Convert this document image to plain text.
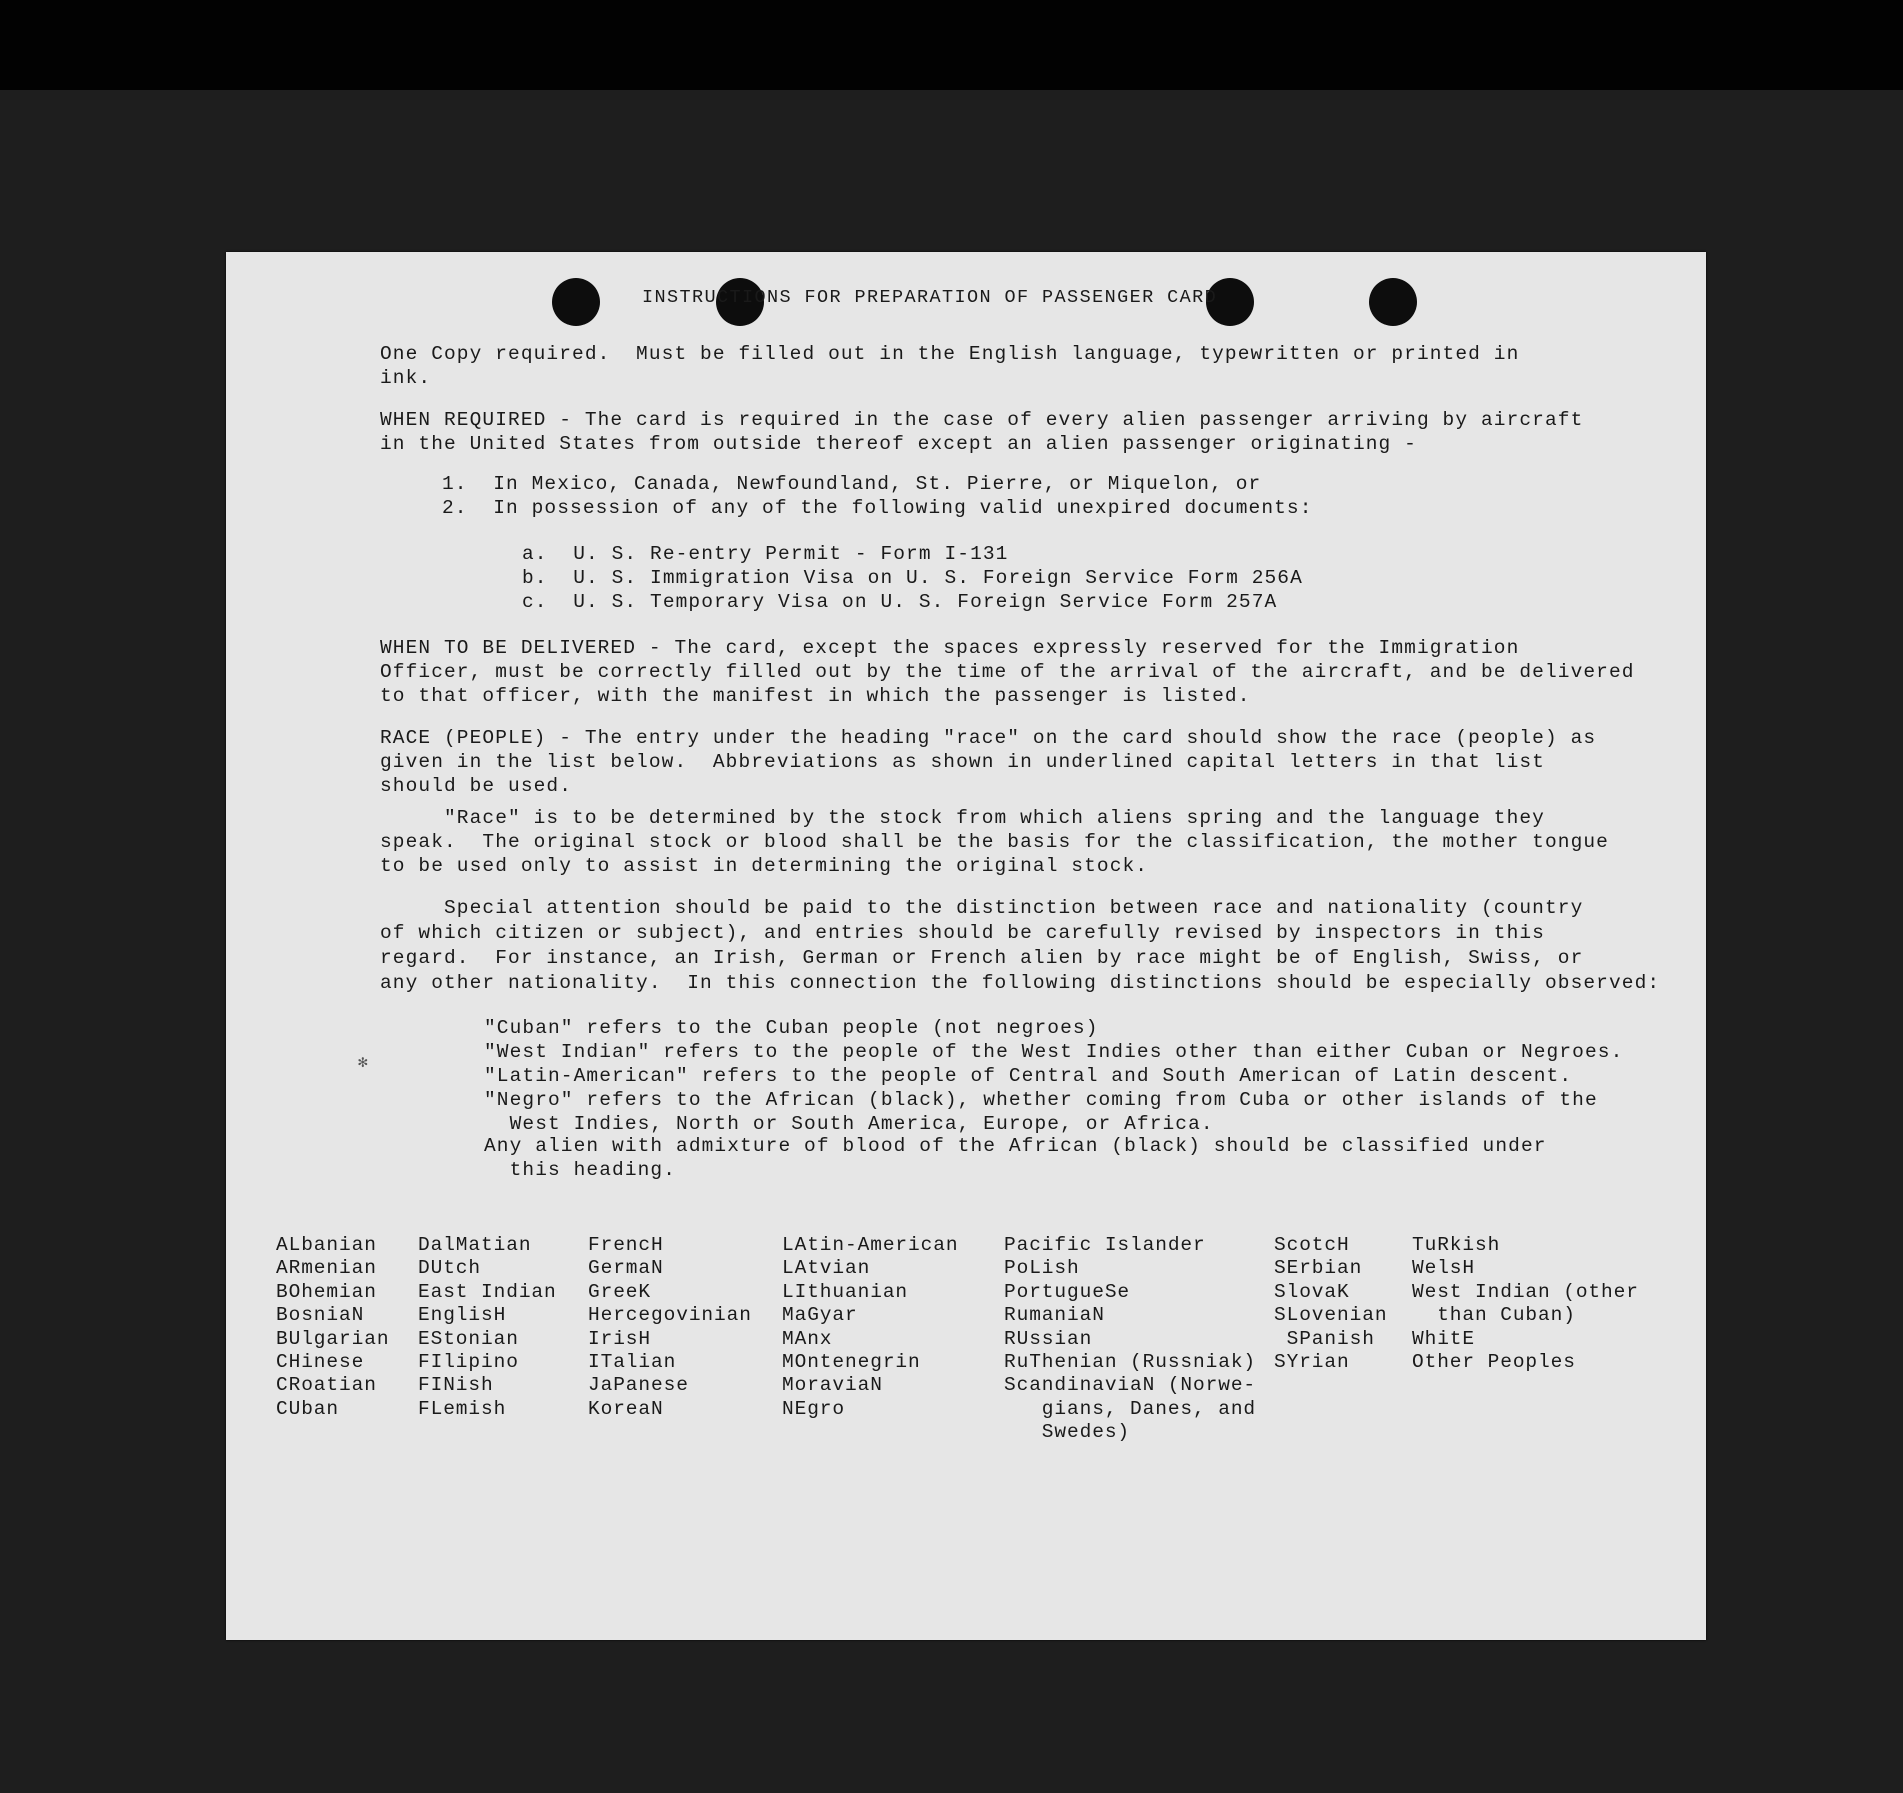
INSTRUCTIONS FOR PREPARATION OF PASSENGER CARD
One Copy required.  Must be filled out in the English language, typewritten or printed in
ink.
WHEN REQUIRED - The card is required in the case of every alien passenger arriving by aircraft
in the United States from outside thereof except an alien passenger originating -
1.  In Mexico, Canada, Newfoundland, St. Pierre, or Miquelon, or
2.  In possession of any of the following valid unexpired documents:
a.  U. S. Re-entry Permit - Form I-131
b.  U. S. Immigration Visa on U. S. Foreign Service Form 256A
c.  U. S. Temporary Visa on U. S. Foreign Service Form 257A
WHEN TO BE DELIVERED - The card, except the spaces expressly reserved for the Immigration
Officer, must be correctly filled out by the time of the arrival of the aircraft, and be delivered
to that officer, with the manifest in which the passenger is listed.
RACE (PEOPLE) - The entry under the heading "race" on the card should show the race (people) as
given in the list below.  Abbreviations as shown in underlined capital letters in that list
should be used.
"Race" is to be determined by the stock from which aliens spring and the language they
speak.  The original stock or blood shall be the basis for the classification, the mother tongue
to be used only to assist in determining the original stock.
Special attention should be paid to the distinction between race and nationality (country
of which citizen or subject), and entries should be carefully revised by inspectors in this
regard.  For instance, an Irish, German or French alien by race might be of English, Swiss, or
any other nationality.  In this connection the following distinctions should be especially observed:
"Cuban" refers to the Cuban people (not negroes)
"West Indian" refers to the people of the West Indies other than either Cuban or Negroes.
"Latin-American" refers to the people of Central and South American of Latin descent.
"Negro" refers to the African (black), whether coming from Cuba or other islands of the
West Indies, North or South America, Europe, or Africa.
Any alien with admixture of blood of the African (black) should be classified under
this heading.
ALbanian
ARmenian
BOhemian
BosniaN
BUlgarian
CHinese
CRoatian
CUban
DalMatian
DUtch
East Indian
EnglisH
EStonian
FIlipino
FINish
FLemish
FrencH
GermaN
GreeK
Hercegovinian
IrisH
ITalian
JaPanese
KoreaN
LAtin-American
LAtvian
LIthuanian
MaGyar
MAnx
MOntenegrin
MoraviaN
NEgro
Pacific Islander
PoLish
PortugueSe
RumaniaN
RUssian
RuThenian (Russniak)
ScandinaviaN (Norwe-
gians, Danes, and
Swedes)
ScotcH
SErbian
SlovaK
SLovenian
SPanish
SYrian
TuRkish
WelsH
West Indian (other
than Cuban)
WhitE
Other Peoples
✻
